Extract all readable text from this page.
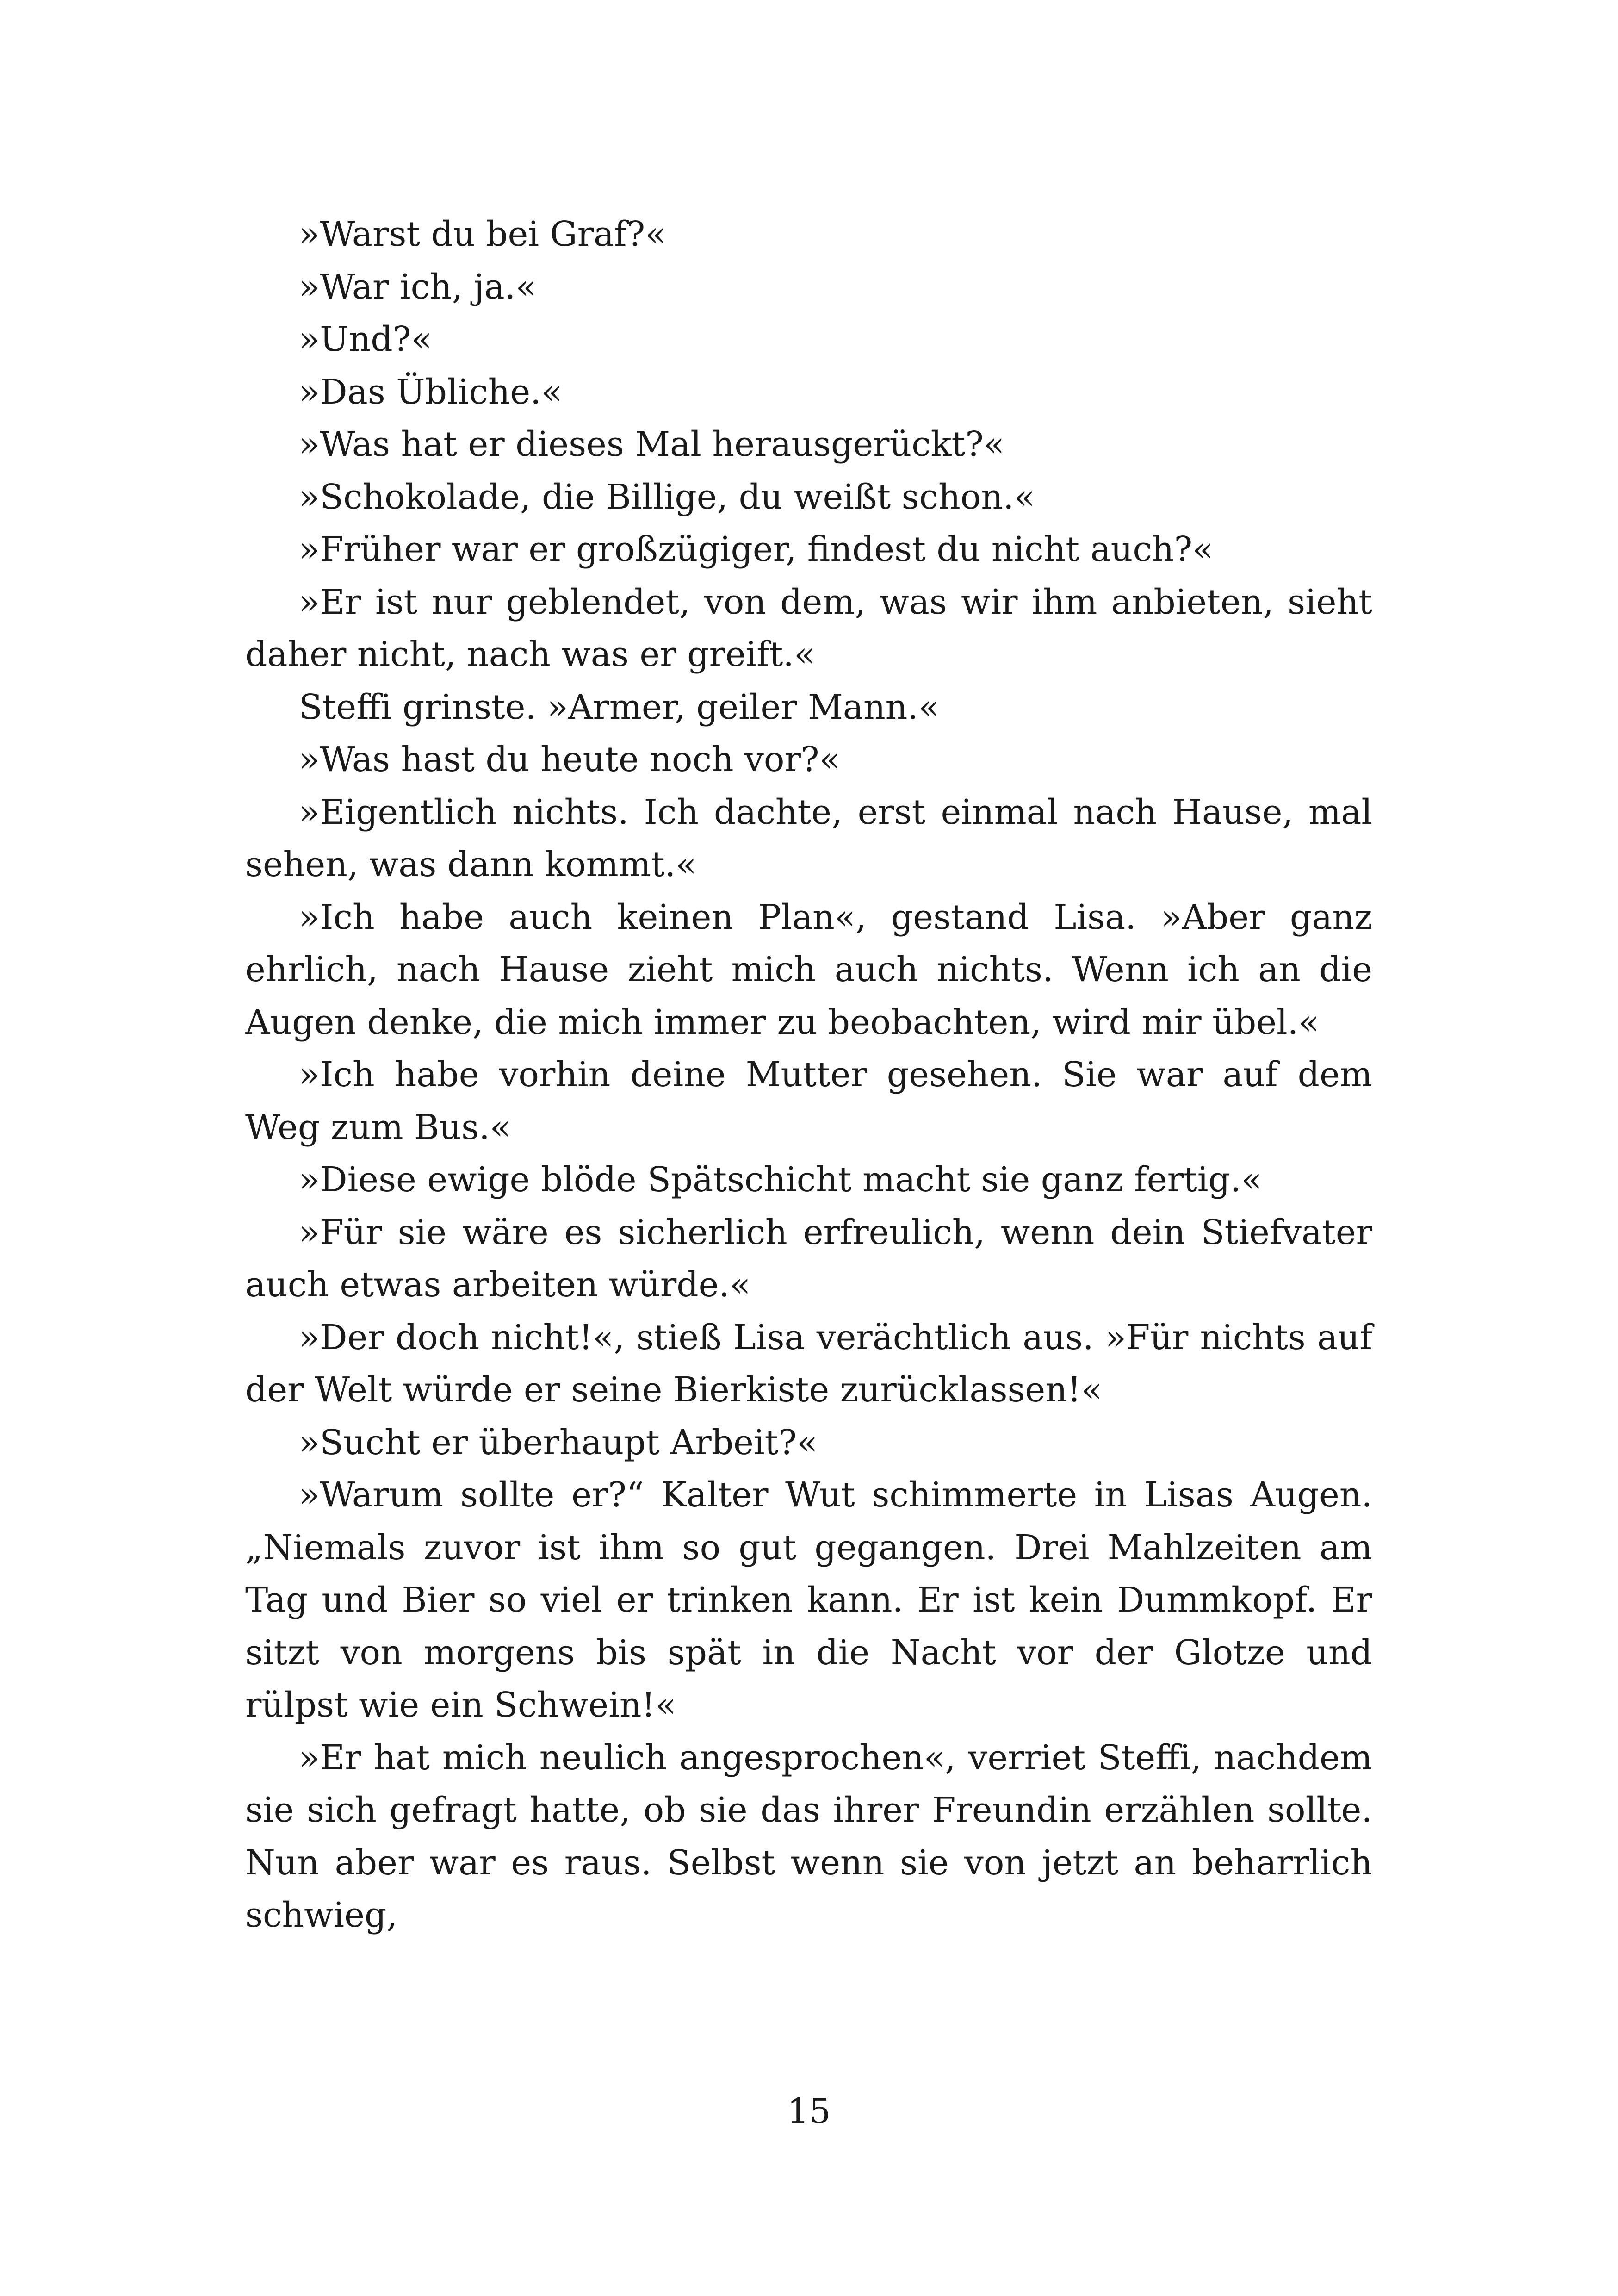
»Warst du bei Graf?«

»War ich, ja.«

»Und?«

»Das Übliche.«

»Was hat er dieses Mal herausgerückt?«

»Schokolade, die Billige, du weißt schon.«

»Früher war er großzügiger, findest du nicht auch?«

»Er ist nur geblendet, von dem, was wir ihm anbieten, sieht daher nicht, nach was er greift.«

Steffi grinste. »Armer, geiler Mann.«

»Was hast du heute noch vor?«

»Eigentlich nichts. Ich dachte, erst einmal nach Hause, mal sehen, was dann kommt.«

»Ich habe auch keinen Plan«, gestand Lisa. »Aber ganz ehrlich, nach Hause zieht mich auch nichts. Wenn ich an die Augen denke, die mich immer zu beobachten, wird mir übel.«

»Ich habe vorhin deine Mutter gesehen. Sie war auf dem Weg zum Bus.«

»Diese ewige blöde Spätschicht macht sie ganz fertig.«

»Für sie wäre es sicherlich erfreulich, wenn dein Stiefvater auch etwas arbeiten würde.«

»Der doch nicht!«, stieß Lisa verächtlich aus. »Für nichts auf der Welt würde er seine Bierkiste zurücklassen!«

»Sucht er überhaupt Arbeit?«

»Warum sollte er?“ Kalter Wut schimmerte in Lisas Augen. „Niemals zuvor ist ihm so gut gegangen. Drei Mahlzeiten am Tag und Bier so viel er trinken kann. Er ist kein Dummkopf. Er sitzt von morgens bis spät in die Nacht vor der Glotze und rülpst wie ein Schwein!«

»Er hat mich neulich angesprochen«, verriet Steffi, nachdem sie sich gefragt hatte, ob sie das ihrer Freundin erzählen sollte. Nun aber war es raus. Selbst wenn sie von jetzt an beharrlich schwieg,

15
